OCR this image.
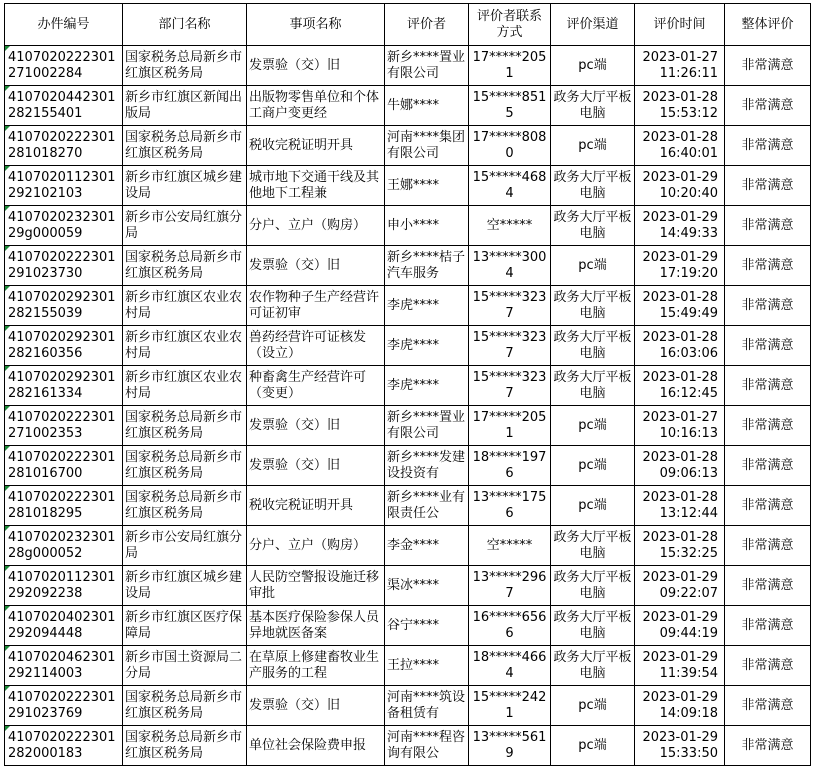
办件编号	部门名称	事项名称	评价者	评价者联系方式	评价渠道	评价时间	整体评价
4107020222301271002284	国家税务总局新乡市红旗区税务局	发票验（交）旧	新乡****置业有限公司	17*****2051	pc端	2023-01-27 11:26:11	非常满意
4107020442301282155401	新乡市红旗区新闻出版局	出版物零售单位和个体工商户变更经	牛娜****	15*****8515	政务大厅平板电脑	2023-01-28 15:53:12	非常满意
4107020222301281018270	国家税务总局新乡市红旗区税务局	税收完税证明开具	河南****集团有限公司	17*****8080	pc端	2023-01-28 16:40:01	非常满意
4107020112301292102103	新乡市红旗区城乡建设局	城市地下交通干线及其他地下工程兼	王娜****	15*****4684	政务大厅平板电脑	2023-01-29 10:20:40	非常满意
410702023230129g000059	新乡市公安局红旗分局	分户、立户（购房）	申小****	空*****	政务大厅平板电脑	2023-01-29 14:49:33	非常满意
4107020222301291023730	国家税务总局新乡市红旗区税务局	发票验（交）旧	新乡****桔子汽车服务	13*****3004	pc端	2023-01-29 17:19:20	非常满意
4107020292301282155039	新乡市红旗区农业农村局	农作物种子生产经营许可证初审	李虎****	15*****3237	政务大厅平板电脑	2023-01-28 15:49:49	非常满意
4107020292301282160356	新乡市红旗区农业农村局	兽药经营许可证核发（设立）	李虎****	15*****3237	政务大厅平板电脑	2023-01-28 16:03:06	非常满意
4107020292301282161334	新乡市红旗区农业农村局	种畜禽生产经营许可（变更）	李虎****	15*****3237	政务大厅平板电脑	2023-01-28 16:12:45	非常满意
4107020222301271002353	国家税务总局新乡市红旗区税务局	发票验（交）旧	新乡****置业有限公司	17*****2051	pc端	2023-01-27 10:16:13	非常满意
4107020222301281016700	国家税务总局新乡市红旗区税务局	发票验（交）旧	新乡****发建设投资有	18*****1976	pc端	2023-01-28 09:06:13	非常满意
4107020222301281018295	国家税务总局新乡市红旗区税务局	税收完税证明开具	新乡****业有限责任公	13*****1756	pc端	2023-01-28 13:12:44	非常满意
410702023230128g000052	新乡市公安局红旗分局	分户、立户（购房）	李金****	空*****	政务大厅平板电脑	2023-01-28 15:32:25	非常满意
4107020112301292092238	新乡市红旗区城乡建设局	人民防空警报设施迁移审批	渠冰****	13*****2967	政务大厅平板电脑	2023-01-29 09:22:07	非常满意
4107020402301292094448	新乡市红旗区医疗保障局	基本医疗保险参保人员异地就医备案	谷宁****	16*****6566	政务大厅平板电脑	2023-01-29 09:44:19	非常满意
4107020462301292114003	新乡市国土资源局二分局	在草原上修建畜牧业生产服务的工程	王拉****	18*****4664	政务大厅平板电脑	2023-01-29 11:39:54	非常满意
4107020222301291023769	国家税务总局新乡市红旗区税务局	发票验（交）旧	河南****筑设备租赁有	15*****2421	pc端	2023-01-29 14:09:18	非常满意
4107020222301282000183	国家税务总局新乡市红旗区税务局	单位社会保险费申报	河南****程咨询有限公	13*****5619	pc端	2023-01-29 15:33:50	非常满意
